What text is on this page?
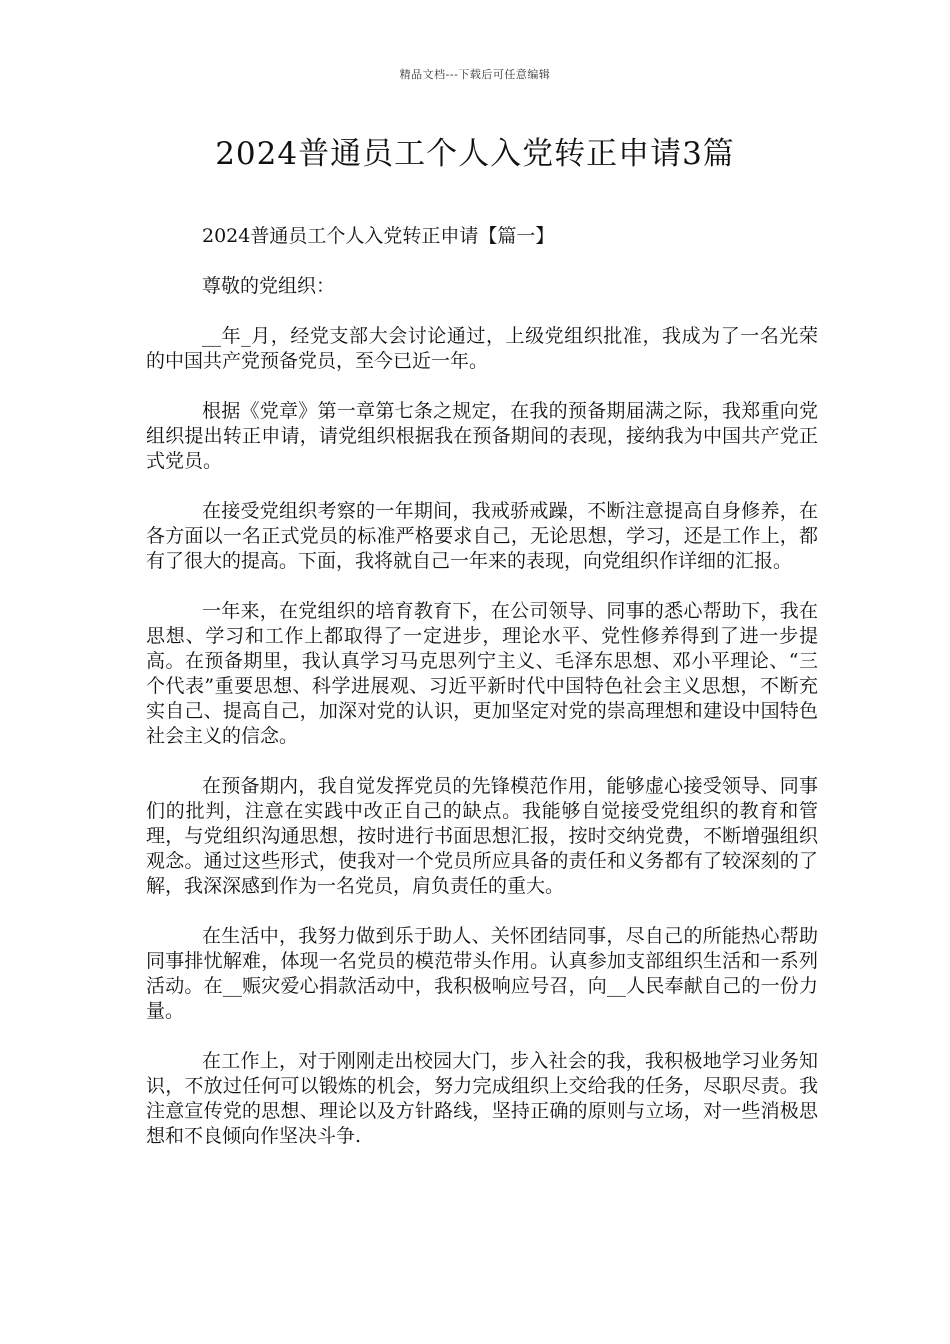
精品文档---下载后可任意编辑
2024普通员工个人入党转正申请3篇

2024普通员工个人入党转正申请【篇一】

尊敬的党组织：

__年_月，经党支部大会讨论通过，上级党组织批准，我成为了一名光荣的中国共产党预备党员，至今已近一年。

根据《党章》第一章第七条之规定，在我的预备期届满之际，我郑重向党组织提出转正申请，请党组织根据我在预备期间的表现，接纳我为中国共产党正式党员。

在接受党组织考察的一年期间，我戒骄戒躁，不断注意提高自身修养，在各方面以一名正式党员的标准严格要求自己，无论思想，学习，还是工作上，都有了很大的提高。下面，我将就自己一年来的表现，向党组织作详细的汇报。

一年来，在党组织的培育教育下，在公司领导、同事的悉心帮助下，我在思想、学习和工作上都取得了一定进步，理论水平、党性修养得到了进一步提高。在预备期里，我认真学习马克思列宁主义、毛泽东思想、邓小平理论、“三个代表”重要思想、科学进展观、习近平新时代中国特色社会主义思想，不断充实自己、提高自己，加深对党的认识，更加坚定对党的崇高理想和建设中国特色社会主义的信念。

在预备期内，我自觉发挥党员的先锋模范作用，能够虚心接受领导、同事们的批判，注意在实践中改正自己的缺点。我能够自觉接受党组织的教育和管理，与党组织沟通思想，按时进行书面思想汇报，按时交纳党费，不断增强组织观念。通过这些形式，使我对一个党员所应具备的责任和义务都有了较深刻的了解，我深深感到作为一名党员，肩负责任的重大。

在生活中，我努力做到乐于助人、关怀团结同事，尽自己的所能热心帮助同事排忧解难，体现一名党员的模范带头作用。认真参加支部组织生活和一系列活动。在__赈灾爱心捐款活动中，我积极响应号召，向__人民奉献自己的一份力量。

在工作上，对于刚刚走出校园大门，步入社会的我，我积极地学习业务知识，不放过任何可以锻炼的机会，努力完成组织上交给我的任务，尽职尽责。我注意宣传党的思想、理论以及方针路线，坚持正确的原则与立场，对一些消极思想和不良倾向作坚决斗争.
